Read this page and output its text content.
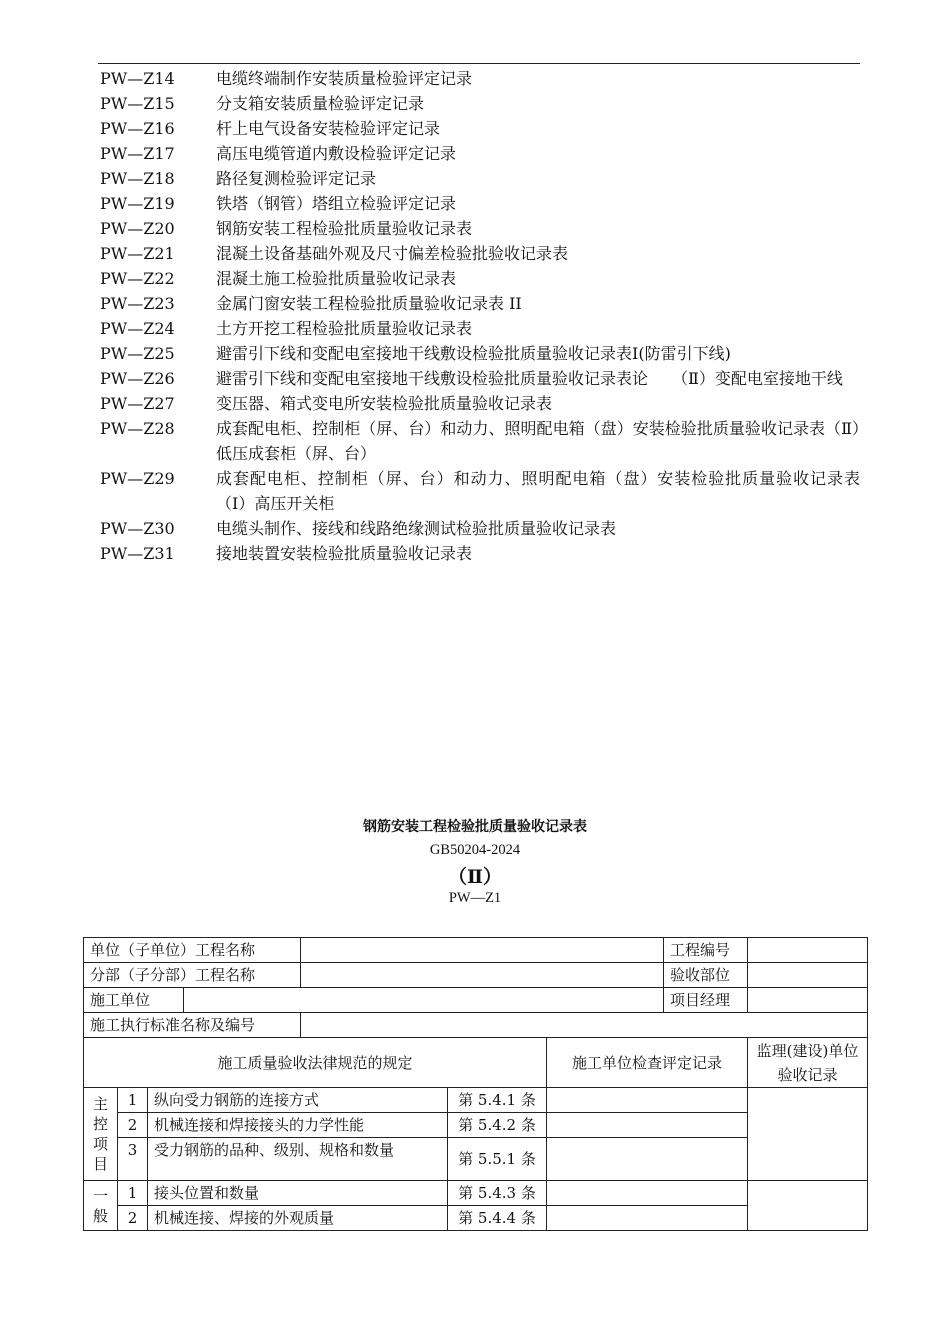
PW—Z14	电缆终端制作安装质量检验评定记录
PW—Z15	分支箱安装质量检验评定记录
PW—Z16	杆上电气设备安装检验评定记录
PW—Z17	高压电缆管道内敷设检验评定记录
PW—Z18	路径复测检验评定记录
PW—Z19	铁塔（钢管）塔组立检验评定记录
PW—Z20	钢筋安装工程检验批质量验收记录表
PW—Z21	混凝土设备基础外观及尺寸偏差检验批验收记录表
PW—Z22	混凝土施工检验批质量验收记录表
PW—Z23	金属门窗安装工程检验批质量验收记录表 II
PW—Z24	土方开挖工程检验批质量验收记录表
PW—Z25	避雷引下线和变配电室接地干线敷设检验批质量验收记录表Ⅰ(防雷引下线)
PW—Z26	避雷引下线和变配电室接地干线敷设检验批质量验收记录表论　　（Ⅱ）变配电室接地干线
PW—Z27	变压器、箱式变电所安装检验批质量验收记录表
PW—Z28	成套配电柜、控制柜（屏、台）和动力、照明配电箱（盘）安装检验批质量验收记录表（Ⅱ）低压成套柜（屏、台）
PW—Z29	成套配电柜、控制柜（屏、台）和动力、照明配电箱（盘）安装检验批质量验收记录表　（Ⅰ）高压开关柜
PW—Z30	电缆头制作、接线和线路绝缘测试检验批质量验收记录表
PW—Z31	接地装置安装检验批质量验收记录表
钢筋安装工程检验批质量验收记录表
GB50204-2024
（Ⅱ）
PW—Z1
单位（子单位）工程名称							工程编号	
分部（子分部）工程名称							验收部位	
施工单位							项目经理	
施工执行标准名称及编号								
施工质量验收法律规范的规定						施工单位检查评定记录		监理(建设)单位验收记录

主
控
项
目	1	纵向受力钢筋的连接方式			第 5.4.1 条			
	2	机械连接和焊接接头的力学性能			第 5.4.2 条			
	3	受力钢筋的品种、级别、规格和数量			第 5.5.1 条			

一
般	1	接头位置和数量			第 5.4.3 条			
	2	机械连接、焊接的外观质量			第 5.4.4 条			
